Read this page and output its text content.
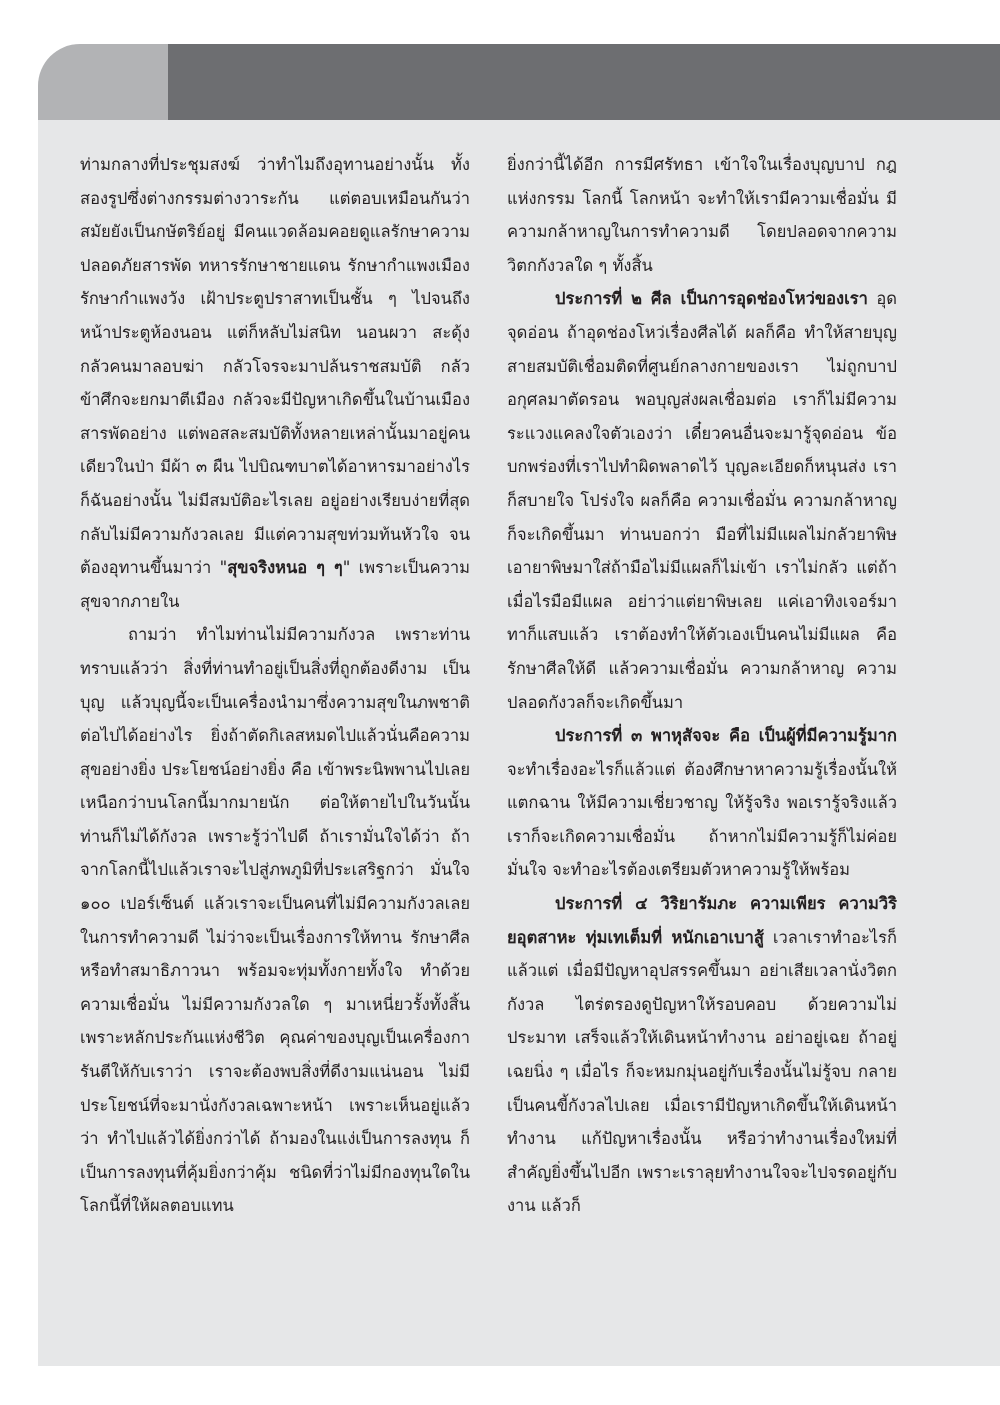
ท่ามกลางที่ประชุมสงฆ์ ว่าทำไมถึงอุทานอย่างนั้น ทั้งสองรูปซึ่งต่างกรรมต่างวาระกัน แต่ตอบเหมือนกันว่า สมัยยังเป็นกษัตริย์อยู่ มีคนแวดล้อมคอยดูแลรักษาความปลอดภัยสารพัด ทหารรักษาชายแดน รักษากำแพงเมือง รักษากำแพงวัง เฝ้าประตูปราสาทเป็นชั้น ๆ ไปจนถึงหน้าประตูห้องนอน แต่ก็หลับไม่สนิท นอนผวา สะดุ้ง กลัวคนมาลอบฆ่า กลัวโจรจะมาปล้นราชสมบัติ กลัวข้าศึกจะยกมาตีเมือง กลัวจะมีปัญหาเกิดขึ้นในบ้านเมืองสารพัดอย่าง แต่พอสละสมบัติทั้งหลายเหล่านั้นมาอยู่คนเดียวในป่า มีผ้า ๓ ผืน ไปบิณฑบาตได้อาหารมาอย่างไรก็ฉันอย่างนั้น ไม่มีสมบัติอะไรเลย อยู่อย่างเรียบง่ายที่สุด กลับไม่มีความกังวลเลย มีแต่ความสุขท่วมท้นหัวใจ จนต้องอุทานขึ้นมาว่า "สุขจริงหนอ ๆ ๆ" เพราะเป็นความสุขจากภายใน

ถามว่า ทำไมท่านไม่มีความกังวล เพราะท่านทราบแล้วว่า สิ่งที่ท่านทำอยู่เป็นสิ่งที่ถูกต้องดีงาม เป็นบุญ แล้วบุญนี้จะเป็นเครื่องนำมาซึ่งความสุขในภพชาติต่อไปได้อย่างไร ยิ่งถ้าตัดกิเลสหมดไปแล้วนั่นคือความสุขอย่างยิ่ง ประโยชน์อย่างยิ่ง คือ เข้าพระนิพพานไปเลย เหนือกว่าบนโลกนี้มากมายนัก ต่อให้ตายไปในวันนั้นท่านก็ไม่ได้กังวล เพราะรู้ว่าไปดี ถ้าเรามั่นใจได้ว่า ถ้าจากโลกนี้ไปแล้วเราจะไปสู่ภพภูมิที่ประเสริฐกว่า มั่นใจ ๑๐๐ เปอร์เซ็นต์ แล้วเราจะเป็นคนที่ไม่มีความกังวลเลยในการทำความดี ไม่ว่าจะเป็นเรื่องการให้ทาน รักษาศีล หรือทำสมาธิภาวนา พร้อมจะทุ่มทั้งกายทั้งใจ ทำด้วยความเชื่อมั่น ไม่มีความกังวลใด ๆ มาเหนี่ยวรั้งทั้งสิ้น เพราะหลักประกันแห่งชีวิต คุณค่าของบุญเป็นเครื่องการันตีให้กับเราว่า เราจะต้องพบสิ่งที่ดีงามแน่นอน ไม่มีประโยชน์ที่จะมานั่งกังวลเฉพาะหน้า เพราะเห็นอยู่แล้วว่า ทำไปแล้วได้ยิ่งกว่าได้ ถ้ามองในแง่เป็นการลงทุน ก็เป็นการลงทุนที่คุ้มยิ่งกว่าคุ้ม ชนิดที่ว่าไม่มีกองทุนใดในโลกนี้ที่ให้ผลตอบแทน

ยิ่งกว่านี้ได้อีก การมีศรัทธา เข้าใจในเรื่องบุญบาป กฎแห่งกรรม โลกนี้ โลกหน้า จะทำให้เรามีความเชื่อมั่น มีความกล้าหาญในการทำความดี โดยปลอดจากความวิตกกังวลใด ๆ ทั้งสิ้น

ประการที่ ๒ ศีล เป็นการอุดช่องโหว่ของเรา อุดจุดอ่อน ถ้าอุดช่องโหว่เรื่องศีลได้ ผลก็คือ ทำให้สายบุญ สายสมบัติเชื่อมติดที่ศูนย์กลางกายของเรา ไม่ถูกบาปอกุศลมาตัดรอน พอบุญส่งผลเชื่อมต่อ เราก็ไม่มีความระแวงแคลงใจตัวเองว่า เดี๋ยวคนอื่นจะมารู้จุดอ่อน ข้อบกพร่องที่เราไปทำผิดพลาดไว้ บุญละเอียดก็หนุนส่ง เราก็สบายใจ โปร่งใจ ผลก็คือ ความเชื่อมั่น ความกล้าหาญ ก็จะเกิดขึ้นมา ท่านบอกว่า มือที่ไม่มีแผลไม่กลัวยาพิษ เอายาพิษมาใส่ถ้ามือไม่มีแผลก็ไม่เข้า เราไม่กลัว แต่ถ้าเมื่อไรมือมีแผล อย่าว่าแต่ยาพิษเลย แค่เอาทิงเจอร์มาทาก็แสบแล้ว เราต้องทำให้ตัวเองเป็นคนไม่มีแผล คือรักษาศีลให้ดี แล้วความเชื่อมั่น ความกล้าหาญ ความปลอดกังวลก็จะเกิดขึ้นมา

ประการที่ ๓ พาหุสัจจะ คือ เป็นผู้ที่มีความรู้มาก จะทำเรื่องอะไรก็แล้วแต่ ต้องศึกษาหาความรู้เรื่องนั้นให้แตกฉาน ให้มีความเชี่ยวชาญ ให้รู้จริง พอเรารู้จริงแล้วเราก็จะเกิดความเชื่อมั่น ถ้าหากไม่มีความรู้ก็ไม่ค่อยมั่นใจ จะทำอะไรต้องเตรียมตัวหาความรู้ให้พร้อม

ประการที่ ๔ วิริยารัมภะ ความเพียร ความวิริยอุตสาหะ ทุ่มเทเต็มที่ หนักเอาเบาสู้ เวลาเราทำอะไรก็แล้วแต่ เมื่อมีปัญหาอุปสรรคขึ้นมา อย่าเสียเวลานั่งวิตกกังวล ไตร่ตรองดูปัญหาให้รอบคอบ ด้วยความไม่ประมาท เสร็จแล้วให้เดินหน้าทำงาน อย่าอยู่เฉย ถ้าอยู่เฉยนิ่ง ๆ เมื่อไร ก็จะหมกมุ่นอยู่กับเรื่องนั้นไม่รู้จบ กลายเป็นคนขี้กังวลไปเลย เมื่อเรามีปัญหาเกิดขึ้นให้เดินหน้าทำงาน แก้ปัญหาเรื่องนั้น หรือว่าทำงานเรื่องใหม่ที่สำคัญยิ่งขึ้นไปอีก เพราะเราลุยทำงานใจจะไปจรดอยู่กับงาน แล้วก็
